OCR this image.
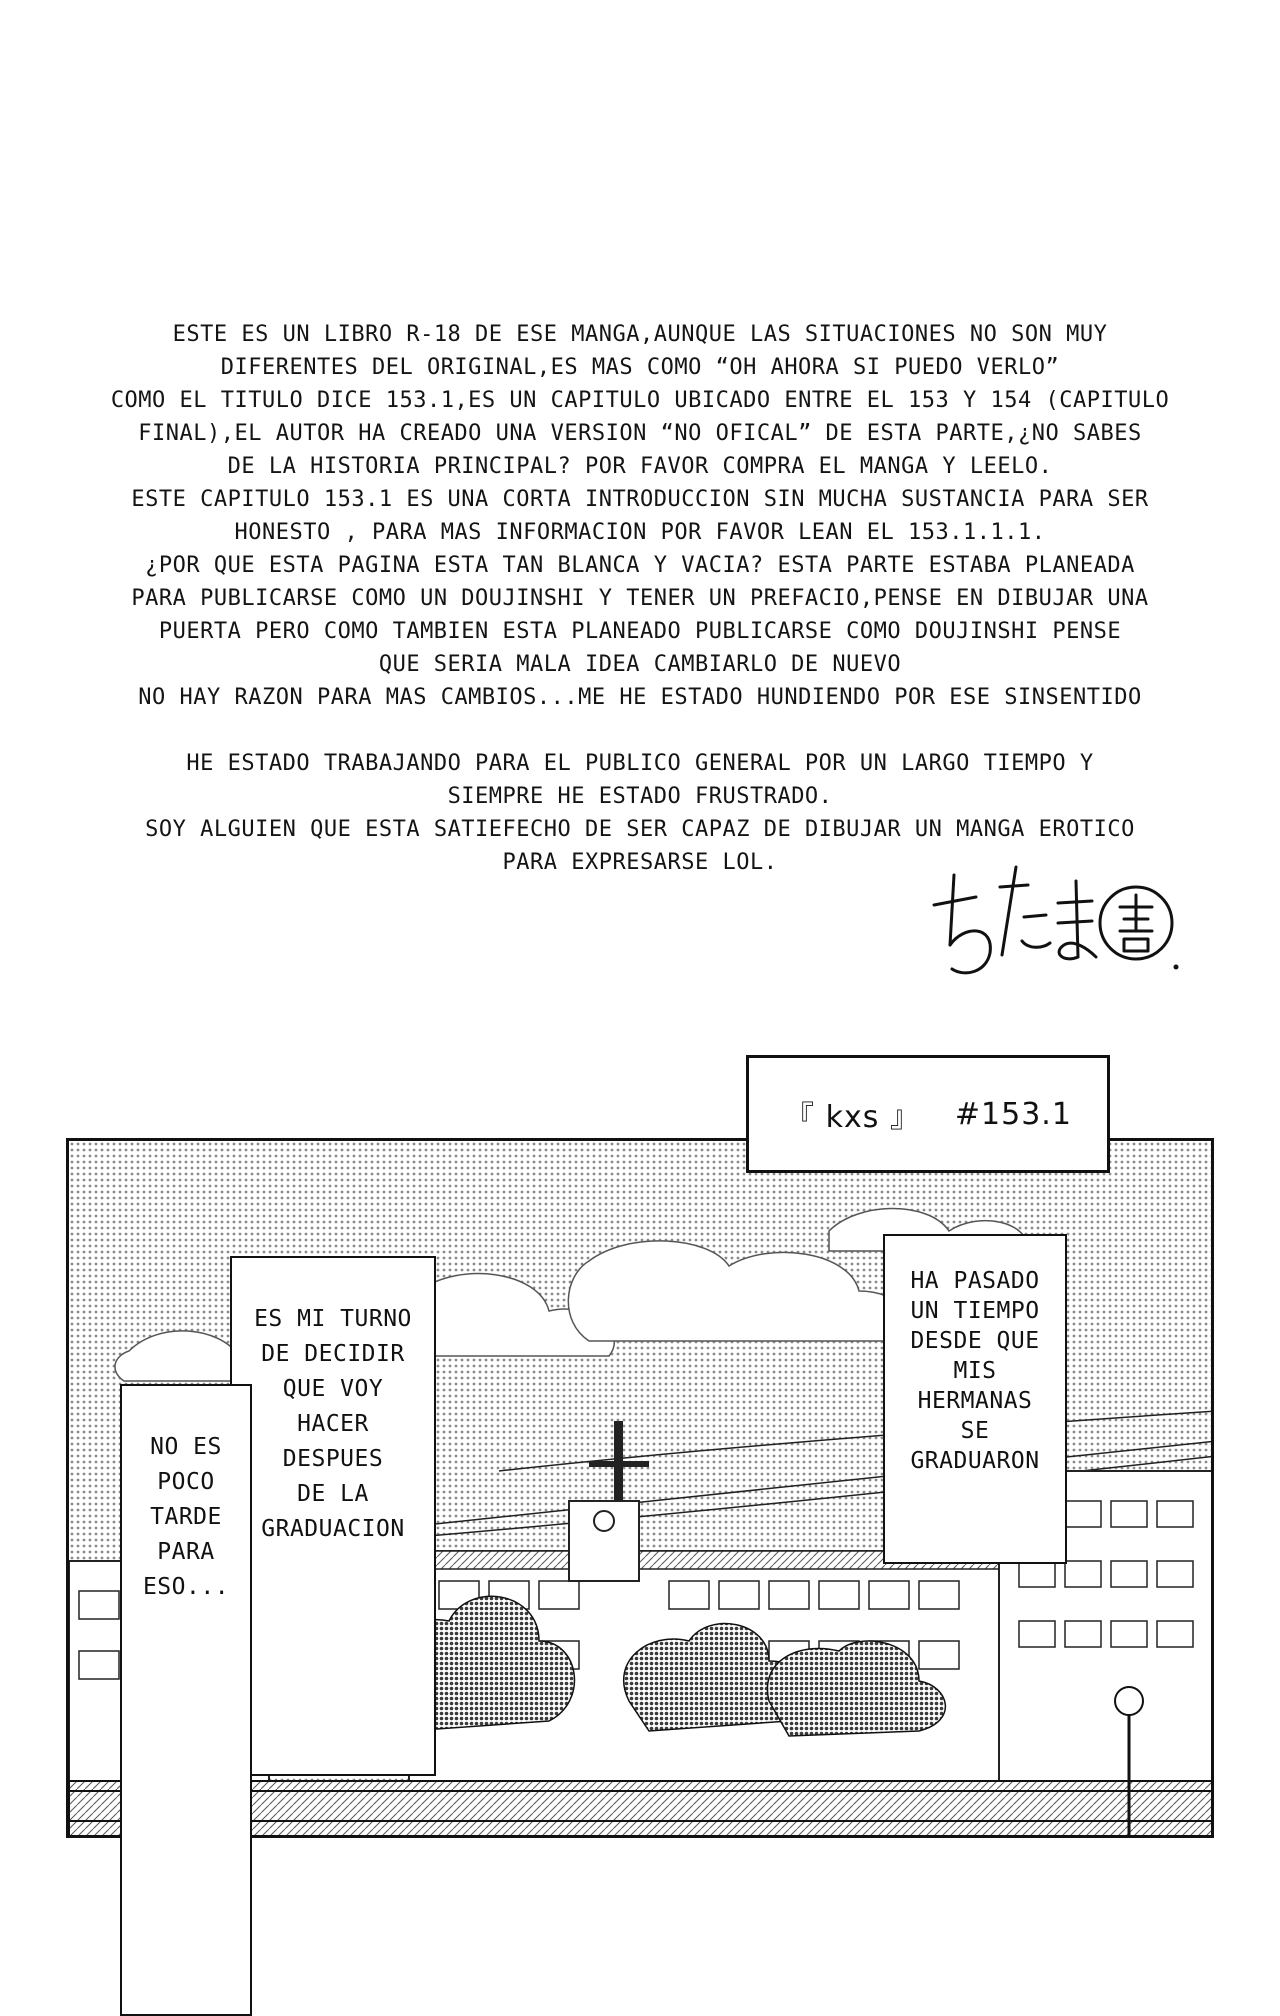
ESTE ES UN LIBRO R-18 DE ESE MANGA,AUNQUE LAS SITUACIONES NO SON MUY
DIFERENTES DEL ORIGINAL,ES MAS COMO “OH AHORA SI PUEDO VERLO”
COMO EL TITULO DICE 153.1,ES UN CAPITULO UBICADO ENTRE EL 153 Y 154 (CAPITULO
FINAL),EL AUTOR HA CREADO UNA VERSION “NO OFICAL” DE ESTA PARTE,¿NO SABES
DE LA HISTORIA PRINCIPAL? POR FAVOR COMPRA EL MANGA Y LEELO.
ESTE CAPITULO 153.1 ES UNA CORTA INTRODUCCION SIN MUCHA SUSTANCIA PARA SER
HONESTO , PARA MAS INFORMACION POR FAVOR LEAN EL 153.1.1.1.
¿POR QUE ESTA PAGINA ESTA TAN BLANCA Y VACIA? ESTA PARTE ESTABA PLANEADA
PARA PUBLICARSE COMO UN DOUJINSHI Y TENER UN PREFACIO,PENSE EN DIBUJAR UNA
PUERTA PERO COMO TAMBIEN ESTA PLANEADO PUBLICARSE COMO DOUJINSHI PENSE
QUE SERIA MALA IDEA CAMBIARLO DE NUEVO
NO HAY RAZON PARA MAS CAMBIOS...ME HE ESTADO HUNDIENDO POR ESE SINSENTIDO
HE ESTADO TRABAJANDO PARA EL PUBLICO GENERAL POR UN LARGO TIEMPO Y
SIEMPRE HE ESTADO FRUSTRADO.
SOY ALGUIEN QUE ESTA SATIEFECHO DE SER CAPAZ DE DIBUJAR UN MANGA EROTICO
PARA EXPRESARSE LOL.
『 kxs 』 #153.1
ES MI TURNO
DE DECIDIR
QUE VOY
HACER
DESPUES
DE LA
GRADUACION
NO ES
POCO
TARDE
PARA
ESO...
HA PASADO
UN TIEMPO
DESDE QUE
MIS
HERMANAS
SE
GRADUARON
